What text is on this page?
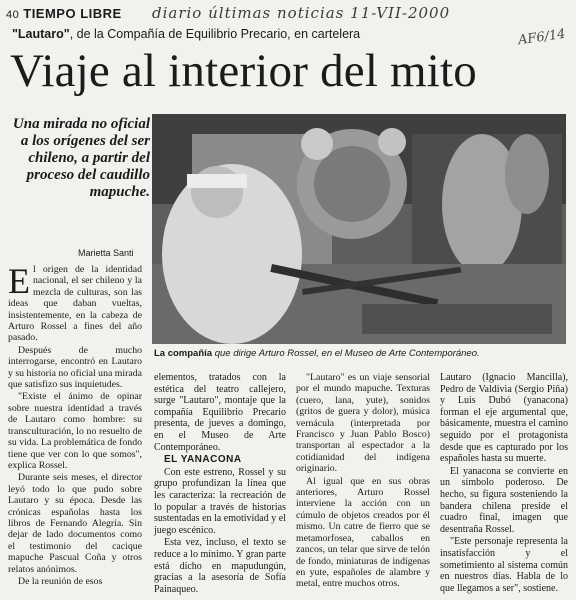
40 TIEMPO LIBRE diario últimas noticias 11-VII-2000
AF6/14
"Lautaro", de la Compañía de Equilibrio Precario, en cartelera
Viaje al interior del mito
Una mirada no oficial a los orígenes del ser chileno, a partir del proceso del caudillo mapuche.
Marietta Santi
La compañía que dirige Arturo Rossel, en el Museo de Arte Contemporáneo.

El origen de la identidad nacional, el ser chileno y la mezcla de culturas, son las ideas que daban vueltas, insistentemente, en la cabeza de Arturo Rossel a fines del año pasado.

Después de mucho interrogarse, encontró en Lautaro y su historia no oficial una mirada que satisfizo sus inquietudes.

"Existe el ánimo de opinar sobre nuestra identidad a través de Lautaro como hombre: su transculturación, lo no resuelto de su vida. La problemática de fondo tiene que ver con lo que somos", explica Rossel.

Durante seis meses, el director leyó todo lo que pudo sobre Lautaro y su época. Desde las crónicas españolas hasta los libros de Fernando Alegría. Sin dejar de lado documentos como el testimonio del cacique mapuche Pascual Coña y otros relatos anónimos.

De la reunión de esos

elementos, tratados con la estética del teatro callejero, surge "Lautaro", montaje que la compañía Equilibrio Precario presenta, de jueves a domingo, en el Museo de Arte Contemporáneo.

EL YANACONA

Con este estreno, Rossel y su grupo profundizan la línea que les caracteriza: la recreación de lo popular a través de historias sustentadas en la emotividad y el juego escénico.

Esta vez, incluso, el texto se reduce a lo mínimo. Y gran parte está dicho en mapudungún, gracias a la asesoría de Sofía Painaqueo.

"Lautaro" es un viaje sensorial por el mundo mapuche. Texturas (cuero, lana, yute), sonidos (gritos de guera y dolor), música vernácula (interpretada por Francisco y Juan Pablo Bosco) transportan al espectador a la cotidianidad del indígena originario.

Al igual que en sus obras anteriores, Arturo Rossel interviene la acción con un cúmulo de objetos creados por él mismo. Un catre de fierro que se metamorfosea, caballos en zancos, un telar que sirve de telón de fondo, miniaturas de indígenas en yute, españoles de alambre y metal, entre muchos otros.

Lautaro (Ignacio Mancilla), Pedro de Valdivia (Sergio Piña) y Luis Dubó (yanacona) forman el eje argumental que, básicamente, muestra el camino seguido por el protagonista desde que es capturado por los españoles hasta su muerte.

El yanacona se convierte en un símbolo poderoso. De hecho, su figura sosteniendo la bandera chilena preside el cuadro final, imagen que desentraña Rossel.

"Este personaje representa la insatisfacción y el sometimiento al sistema común en nuestros días. Habla de lo que llegamos a ser", sostiene.
